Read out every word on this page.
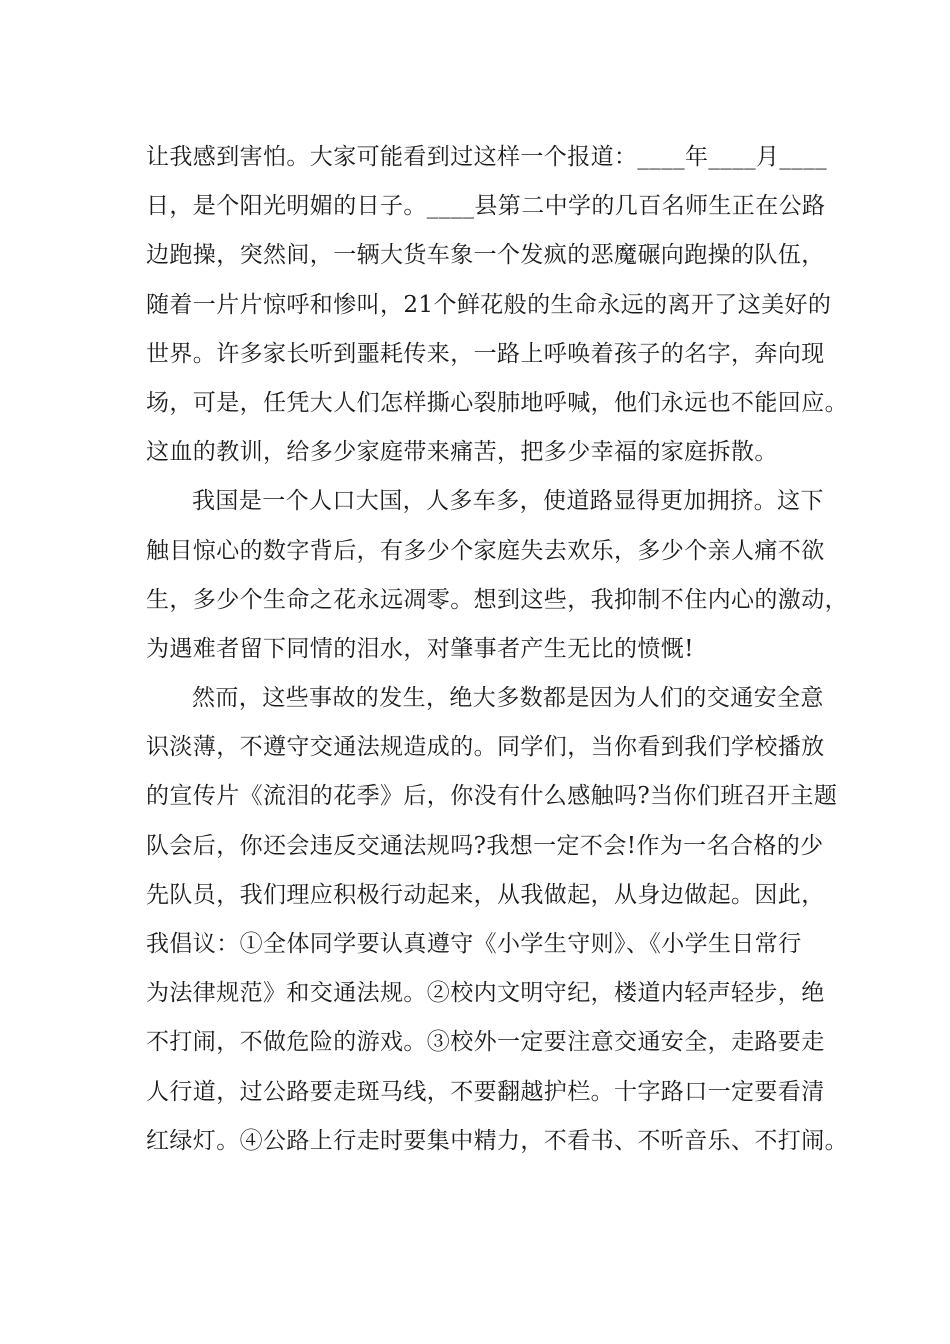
让我感到害怕。大家可能看到过这样一个报道：____年____月____
日，是个阳光明媚的日子。____县第二中学的几百名师生正在公路
边跑操，突然间，一辆大货车象一个发疯的恶魔碾向跑操的队伍，
随着一片片惊呼和惨叫，21个鲜花般的生命永远的离开了这美好的
世界。许多家长听到噩耗传来，一路上呼唤着孩子的名字，奔向现
场，可是，任凭大人们怎样撕心裂肺地呼喊，他们永远也不能回应。
这血的教训，给多少家庭带来痛苦，把多少幸福的家庭拆散。
我国是一个人口大国，人多车多，使道路显得更加拥挤。这下
触目惊心的数字背后，有多少个家庭失去欢乐，多少个亲人痛不欲
生，多少个生命之花永远凋零。想到这些，我抑制不住内心的激动，
为遇难者留下同情的泪水，对肇事者产生无比的愤慨!
然而，这些事故的发生，绝大多数都是因为人们的交通安全意
识淡薄，不遵守交通法规造成的。同学们，当你看到我们学校播放
的宣传片《流泪的花季》后，你没有什么感触吗?当你们班召开主题
队会后，你还会违反交通法规吗?我想一定不会!作为一名合格的少
先队员，我们理应积极行动起来，从我做起，从身边做起。因此，
我倡议：①全体同学要认真遵守《小学生守则》、《小学生日常行
为法律规范》和交通法规。②校内文明守纪，楼道内轻声轻步，绝
不打闹，不做危险的游戏。③校外一定要注意交通安全，走路要走
人行道，过公路要走斑马线，不要翻越护栏。十字路口一定要看清
红绿灯。④公路上行走时要集中精力，不看书、不听音乐、不打闹。
